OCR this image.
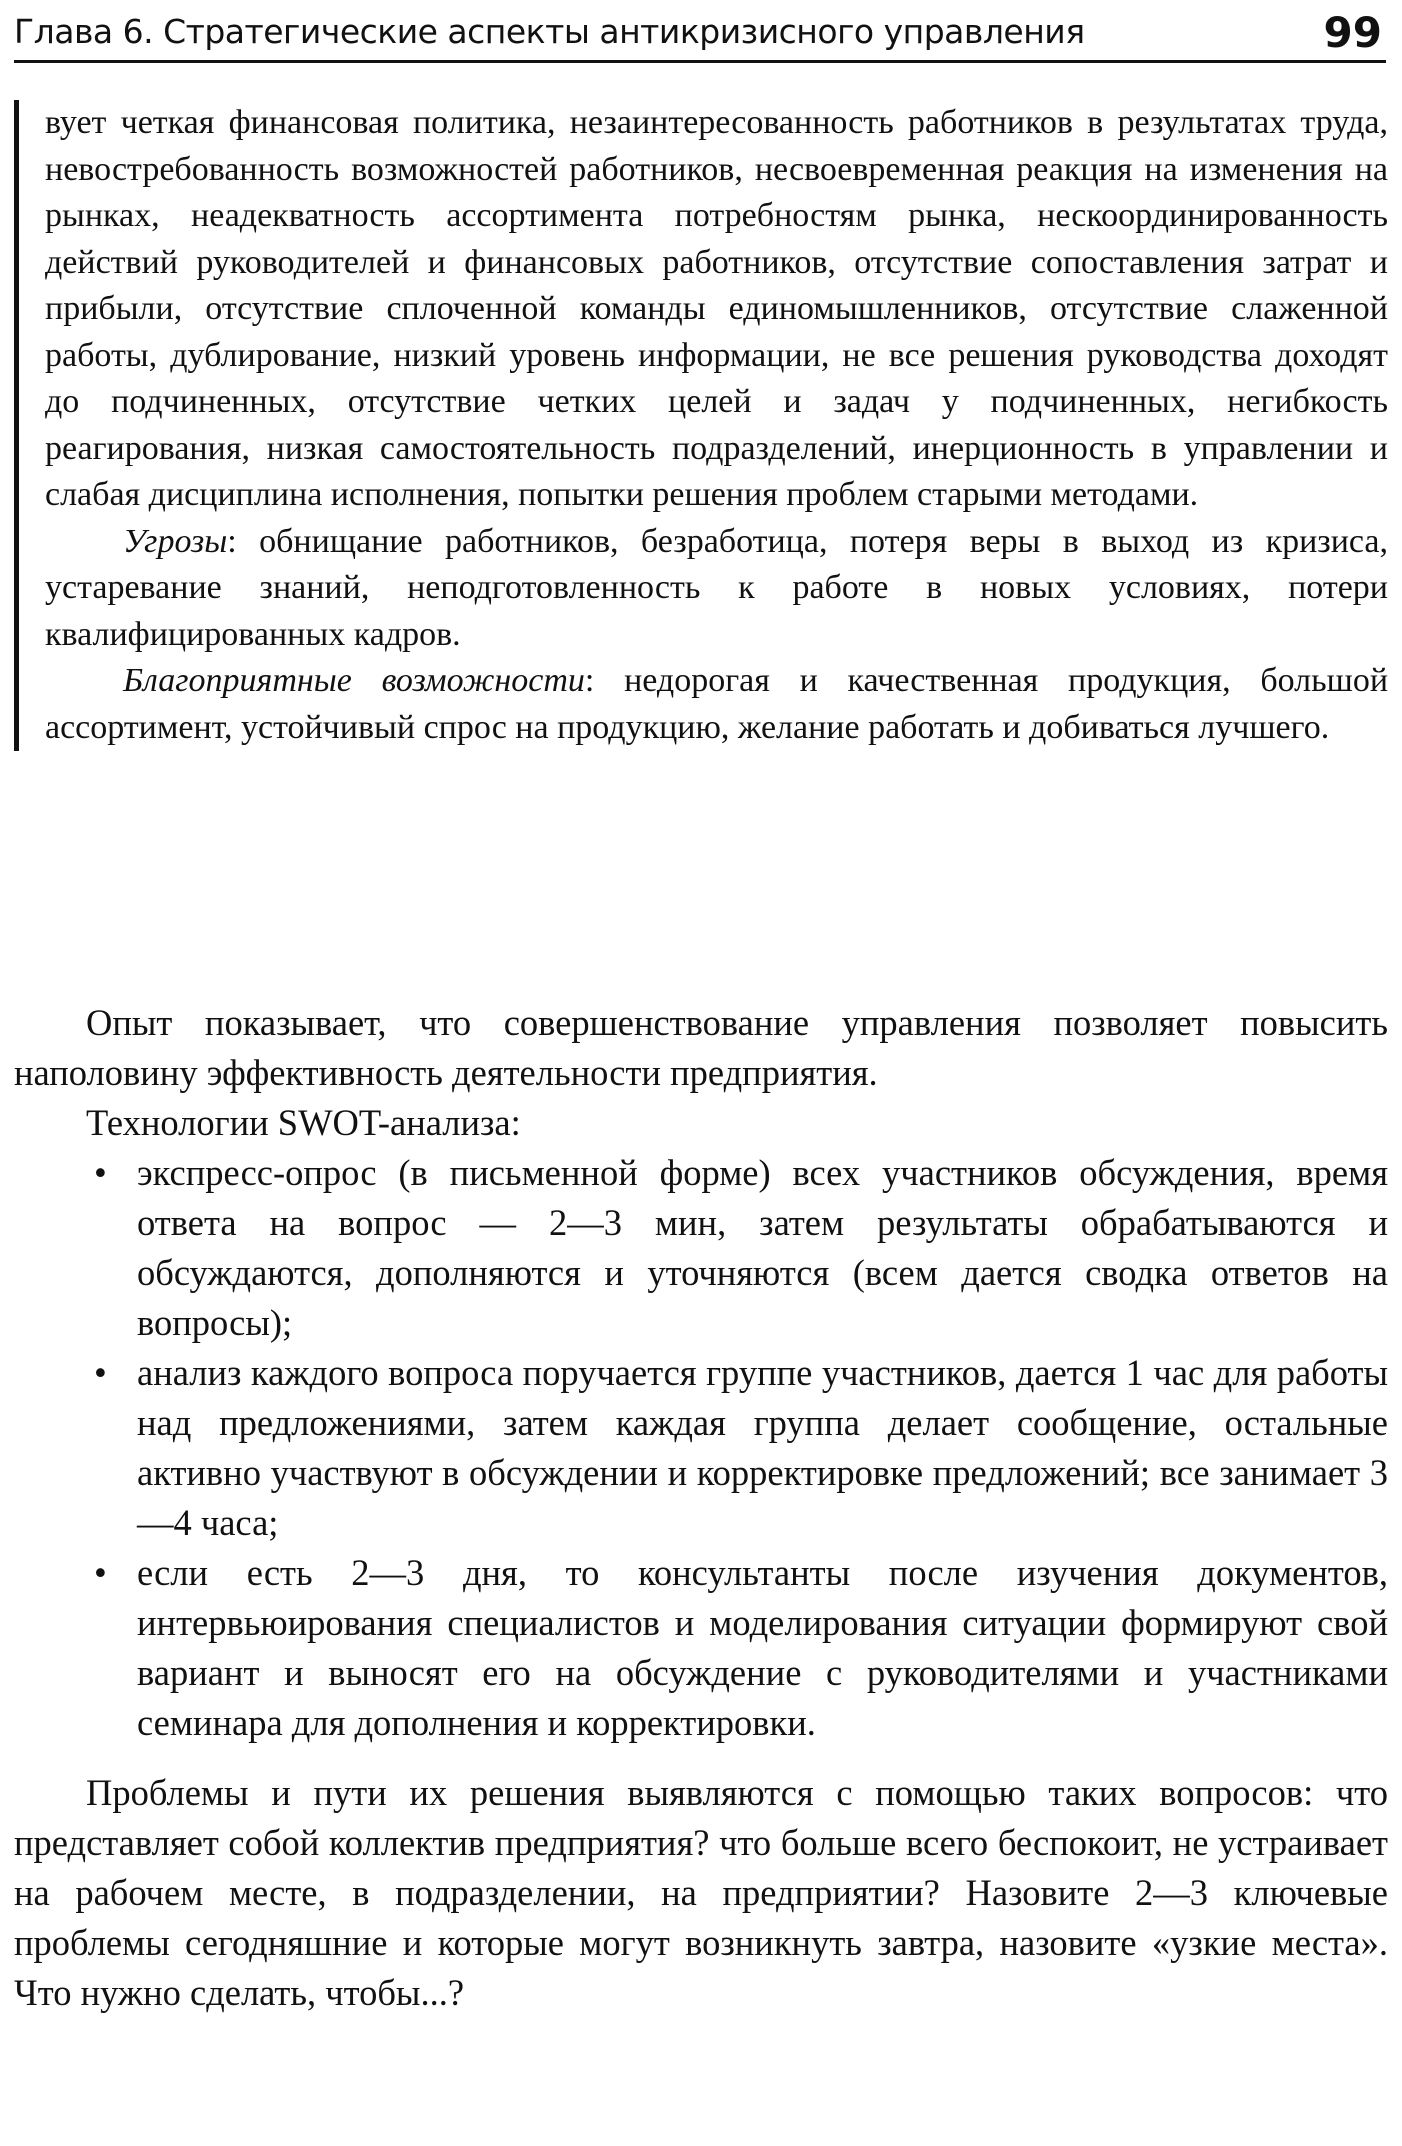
Глава 6. Стратегические аспекты антикризисного управления	99

вует четкая финансовая политика, незаинтересованность работников в результатах труда, невостребованность возможностей работников, несвоевременная реакция на изменения на рынках, неадекватность ассортимента потребностям рынка, нескоординированность действий руководителей и финансовых работников, отсутствие сопоставления затрат и прибыли, отсутствие сплоченной команды единомышленников, отсутствие слаженной работы, дублирование, низкий уровень информации, не все решения руководства доходят до подчиненных, отсутствие четких целей и задач у подчиненных, негибкость реагирования, низкая самостоятельность подразделений, инерционность в управлении и слабая дисциплина исполнения, попытки решения проблем старыми методами.

Угрозы: обнищание работников, безработица, потеря веры в выход из кризиса, устаревание знаний, неподготовленность к работе в новых условиях, потери квалифицированных кадров.

Благоприятные возможности: недорогая и качественная продукция, большой ассортимент, устойчивый спрос на продукцию, желание работать и добиваться лучшего.

Опыт показывает, что совершенствование управления позволяет повысить наполовину эффективность деятельности предприятия.

Технологии SWOT-анализа:

• экспресс-опрос (в письменной форме) всех участников обсуждения, время ответа на вопрос — 2—3 мин, затем результаты обрабатываются и обсуждаются, дополняются и уточняются (всем дается сводка ответов на вопросы);
• анализ каждого вопроса поручается группе участников, дается 1 час для работы над предложениями, затем каждая группа делает сообщение, остальные активно участвуют в обсуждении и корректировке предложений; все занимает 3—4 часа;
• если есть 2—3 дня, то консультанты после изучения документов, интервьюирования специалистов и моделирования ситуации формируют свой вариант и выносят его на обсуждение с руководителями и участниками семинара для дополнения и корректировки.

Проблемы и пути их решения выявляются с помощью таких вопросов: что представляет собой коллектив предприятия? что больше всего беспокоит, не устраивает на рабочем месте, в подразделении, на предприятии? Назовите 2—3 ключевые проблемы сегодняшние и которые могут возникнуть завтра, назовите «узкие места». Что нужно сделать, чтобы...?
